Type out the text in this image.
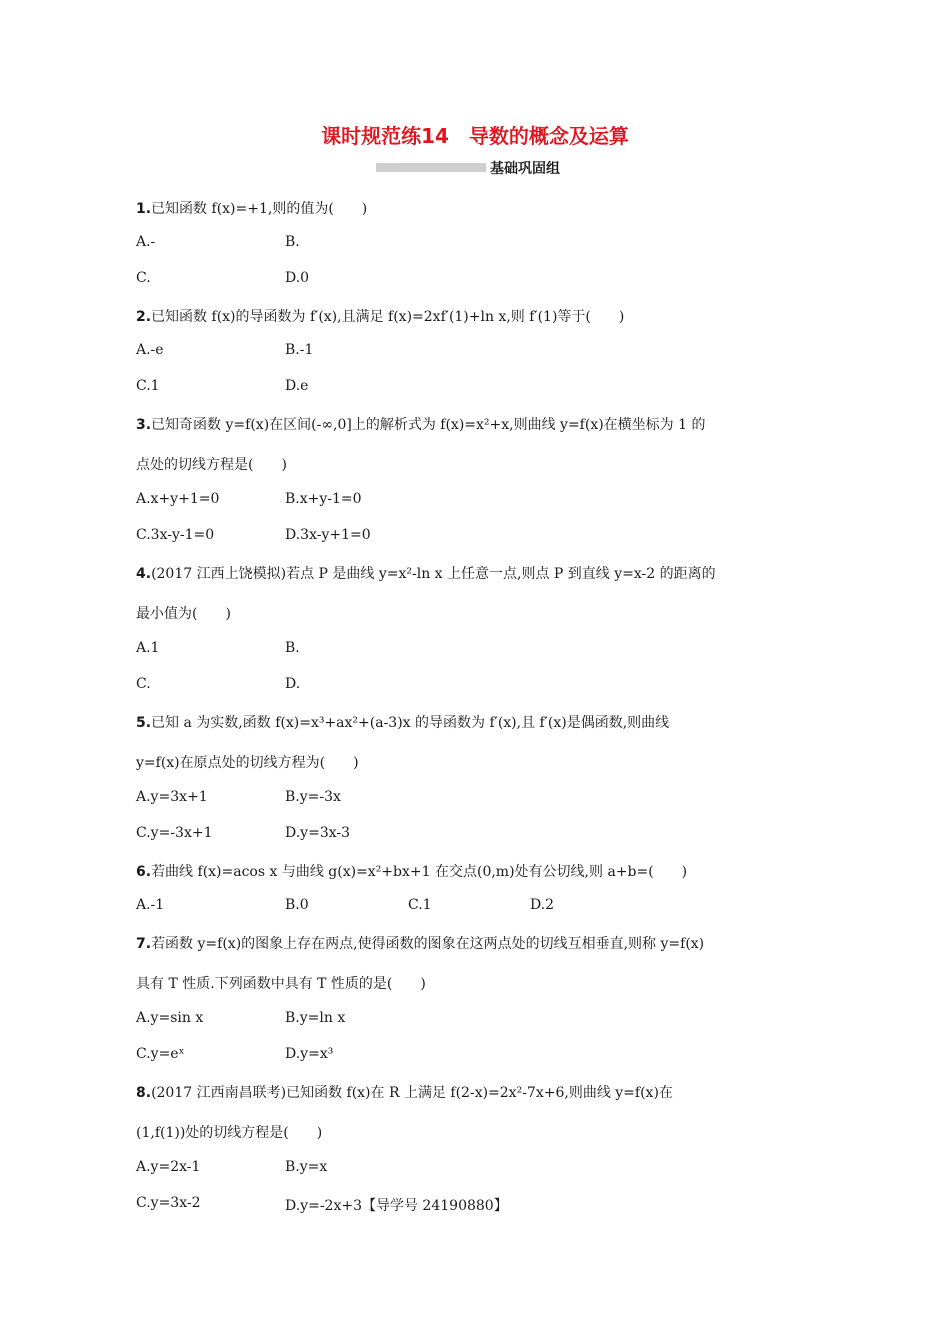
课时规范练14　导数的概念及运算
基础巩固组
1.已知函数 f(x)=+1,则的值为(　　)
A.-	B.
C.	D.0
2.已知函数 f(x)的导函数为 f′(x),且满足 f(x)=2xf′(1)+ln x,则 f′(1)等于(　　)
A.-e	B.-1
C.1	D.e
3.已知奇函数 y=f(x)在区间(-∞,0]上的解析式为 f(x)=x²+x,则曲线 y=f(x)在横坐标为 1 的
点处的切线方程是(　　)
A.x+y+1=0	B.x+y-1=0
C.3x-y-1=0	D.3x-y+1=0
4.(2017 江西上饶模拟)若点 P 是曲线 y=x²-ln x 上任意一点,则点 P 到直线 y=x-2 的距离的
最小值为(　　)
A.1	B.
C.	D.
5.已知 a 为实数,函数 f(x)=x³+ax²+(a-3)x 的导函数为 f′(x),且 f′(x)是偶函数,则曲线
y=f(x)在原点处的切线方程为(　　)
A.y=3x+1	B.y=-3x
C.y=-3x+1	D.y=3x-3
6.若曲线 f(x)=acos x 与曲线 g(x)=x²+bx+1 在交点(0,m)处有公切线,则 a+b=(　　)
A.-1	B.0	C.1	D.2
7.若函数 y=f(x)的图象上存在两点,使得函数的图象在这两点处的切线互相垂直,则称 y=f(x)
具有 T 性质.下列函数中具有 T 性质的是(　　)
A.y=sin x	B.y=ln x
C.y=eˣ	D.y=x³
8.(2017 江西南昌联考)已知函数 f(x)在 R 上满足 f(2-x)=2x²-7x+6,则曲线 y=f(x)在
(1,f(1))处的切线方程是(　　)
A.y=2x-1	B.y=x
C.y=3x-2	D.y=-2x+3【导学号 24190880】
